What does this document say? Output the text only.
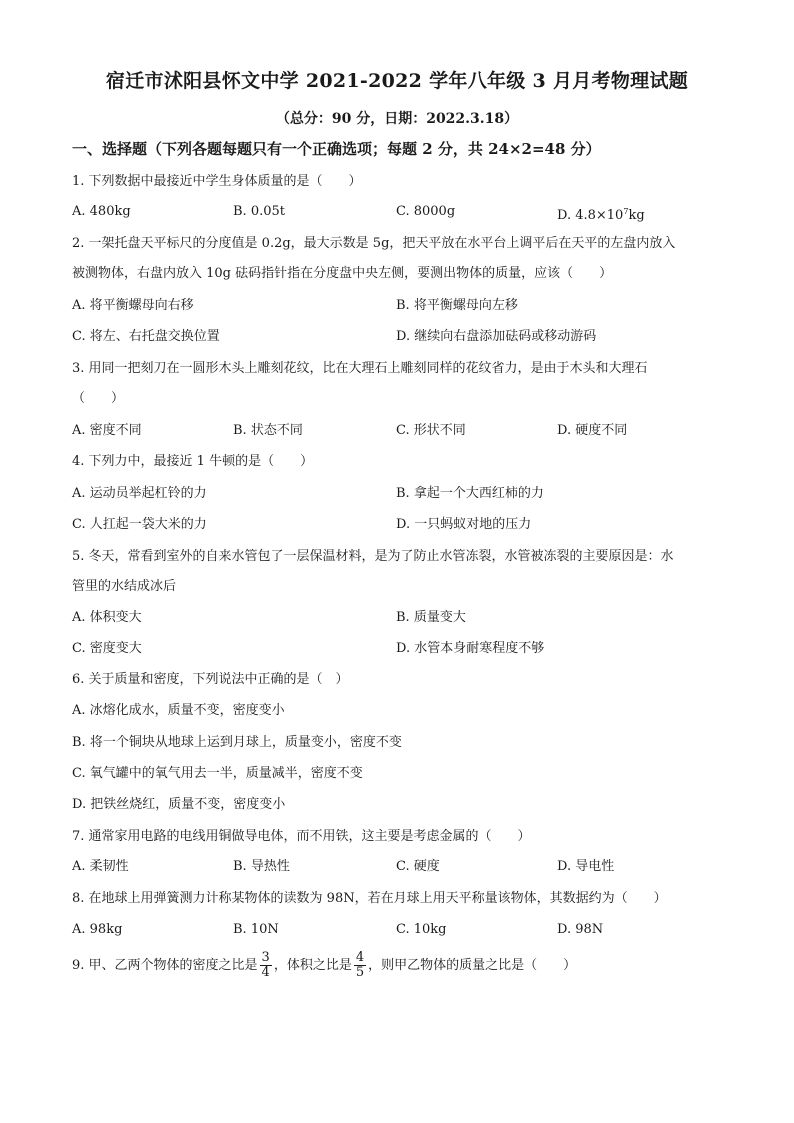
宿迁市沭阳县怀文中学 2021-2022 学年八年级 3 月月考物理试题
（总分：90 分，日期：2022.3.18）
一、选择题（下列各题每题只有一个正确选项；每题 2 分，共 24×2=48 分）
1. 下列数据中最接近中学生身体质量的是（　　）
A. 480kg	B. 0.05t	C. 8000g	D. $4.8\times 10^7kg$
2. 一架托盘天平标尺的分度值是 0.2g，最大示数是 5g，把天平放在水平台上调平后在天平的左盘内放入
被测物体，右盘内放入 10g 砝码指针指在分度盘中央左侧，要测出物体的质量，应该（　　）
A. 将平衡螺母向右移	B. 将平衡螺母向左移
C. 将左、右托盘交换位置	D. 继续向右盘添加砝码或移动游码
3. 用同一把刻刀在一圆形木头上雕刻花纹，比在大理石上雕刻同样的花纹省力，是由于木头和大理石
（　　）
A. 密度不同	B. 状态不同	C. 形状不同	D. 硬度不同
4. 下列力中，最接近 1 牛顿的是（　　）
A. 运动员举起杠铃的力	B. 拿起一个大西红柿的力
C. 人扛起一袋大米的力	D. 一只蚂蚁对地的压力
5. 冬天，常看到室外的自来水管包了一层保温材料，是为了防止水管冻裂，水管被冻裂的主要原因是：水
管里的水结成冰后
A. 体积变大	B. 质量变大
C. 密度变大	D. 水管本身耐寒程度不够
6. 关于质量和密度，下列说法中正确的是（　）
A. 冰熔化成水，质量不变，密度变小
B. 将一个铜块从地球上运到月球上，质量变小，密度不变
C. 氧气罐中的氧气用去一半，质量减半，密度不变
D. 把铁丝烧红，质量不变，密度变小
7. 通常家用电路的电线用铜做导电体，而不用铁，这主要是考虑金属的（　　）
A. 柔韧性	B. 导热性	C. 硬度	D. 导电性
8. 在地球上用弹簧测力计称某物体的读数为 98N，若在月球上用天平称量该物体，其数据约为（　　）
A. 98kg	B. 10N	C. 10kg	D. 98N
9. 甲、乙两个物体的密度之比是 $\frac{3}{4}$ ，体积之比是 $\frac{4}{5}$ ，则甲乙物体的质量之比是（　　）
